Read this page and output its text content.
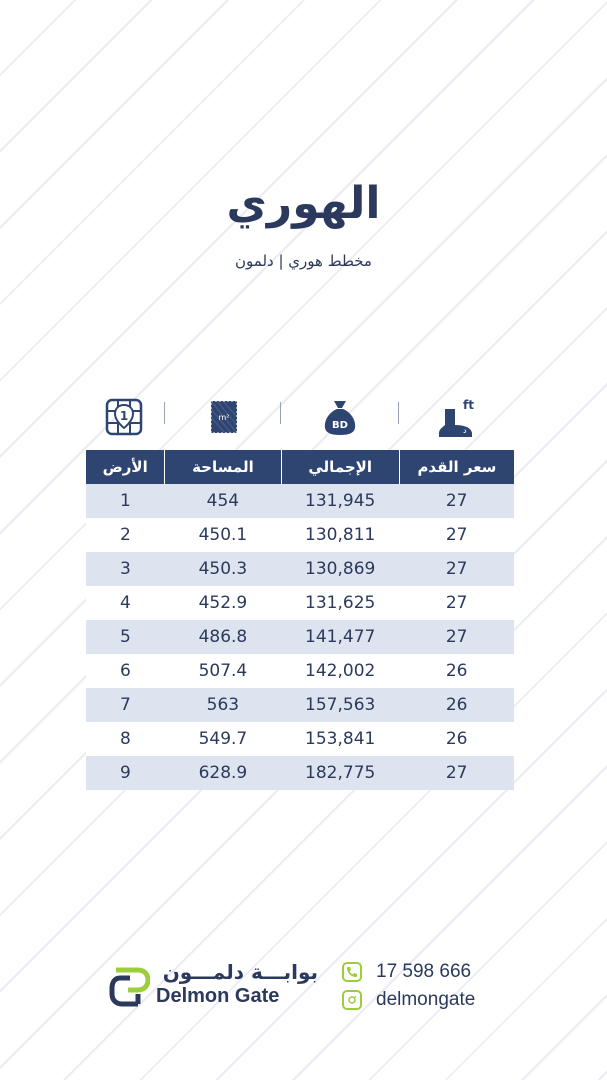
الهوري
مخطط هوري | دلمون
1	m²
BD
ft
د
سعر القدم	الإجمالي	المساحة	الأرض
27	131,945	454	1
27	130,811	450.1	2
27	130,869	450.3	3
27	131,625	452.9	4
27	141,477	486.8	5
26	142,002	507.4	6
26	157,563	563	7
26	153,841	549.7	8
27	182,775	628.9	9
بوابـــة دلمـــون
Delmon Gate
17 598 666
delmongate
